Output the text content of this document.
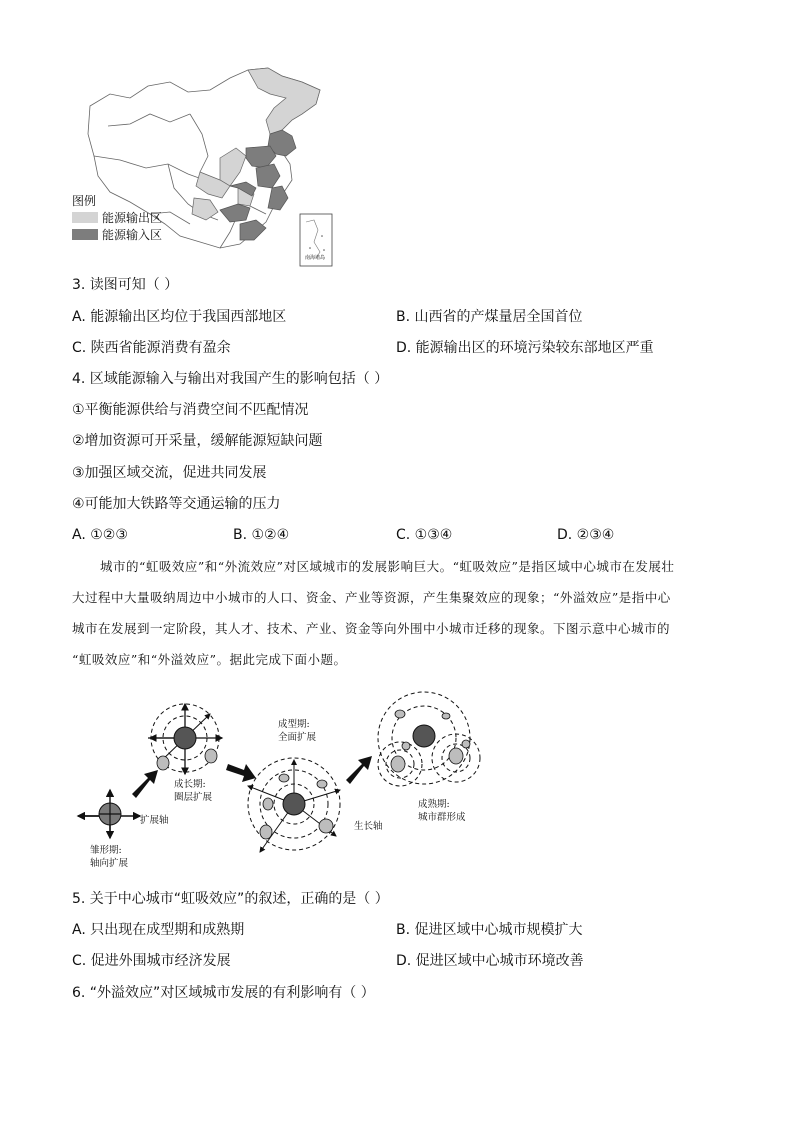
南海诸岛
图例
能源输出区
能源输入区
3. 读图可知（ ）
A. 能源输出区均位于我国西部地区	B. 山西省的产煤量居全国首位
C. 陕西省能源消费有盈余	D. 能源输出区的环境污染较东部地区严重
4. 区域能源输入与输出对我国产生的影响包括（ ）
①平衡能源供给与消费空间不匹配情况
②增加资源可开采量，缓解能源短缺问题
③加强区域交流，促进共同发展
④可能加大铁路等交通运输的压力
A. ①②③	B. ①②④	C. ①③④	D. ②③④

城市的“虹吸效应”和“外流效应”对区域城市的发展影响巨大。“虹吸效应”是指区域中心城市在发展壮

大过程中大量吸纳周边中小城市的人口、资金、产业等资源，产生集聚效应的现象；“外溢效应”是指中心

城市在发展到一定阶段，其人才、技术、产业、资金等向外围中小城市迁移的现象。下图示意中心城市的

“虹吸效应”和“外溢效应”。据此完成下面小题。

扩展轴
生长轴
雏形期:
轴向扩展
成长期:
圈层扩展
成型期:
全面扩展
成熟期:
城市群形成
5. 关于中心城市“虹吸效应”的叙述，正确的是（ ）
A. 只出现在成型期和成熟期	B. 促进区域中心城市规模扩大
C. 促进外围城市经济发展	D. 促进区域中心城市环境改善
6. “外溢效应”对区域城市发展的有利影响有（ ）
